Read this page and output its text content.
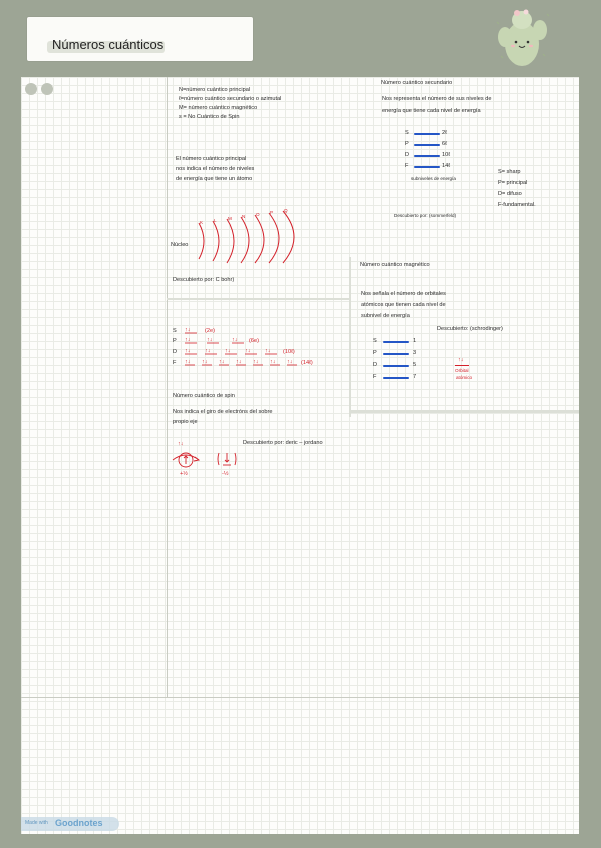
Números cuánticos
N=número cuántico principal
ℓ=número cuántico secundario o azimutal
M= número cuántico magnético
s = No Cuántico de Spin
El número cuántico principal
nos indica el número de niveles
de energía que tiene un átomo
Núcleo
K L M N O P Q
Descubierto por: C bohr)
Número cuántico secundario
Nos representa el número de sus niveles de
energía que tiene cada nivel de energía
S	2ℓ
P	6ℓ
D	10ℓ
F	14ℓ
subniveles de energía
S= sharp
P= principal
D= difuso
F-fundamental.
Descubierto por: (sommerfeld)
S ↑↓	(2e)
P ↑↓	↑↓	↑↓ (6e)
D ↑↓	↑↓	↑↓	↑↓	↑↓ (10ℓ)
F ↑↓ ↑↓ ↑↓ ↑↓ ↑↓ ↑↓ ↑↓ (14ℓ)
Número cuántico magnético
Nos señala el número de orbitales
atómicos que tienen cada nivel de
subnivel de energía
Descubierto: (schrodinger)
S	1
P	3
D	5
F	7
↑↓
Orbital
atómico
Número cuántico de spin
Nos indica el giro de electróns del sobre
propio eje
Descubierto por: deric – jordano
↑↓
+½	-½
Made with Goodnotes
